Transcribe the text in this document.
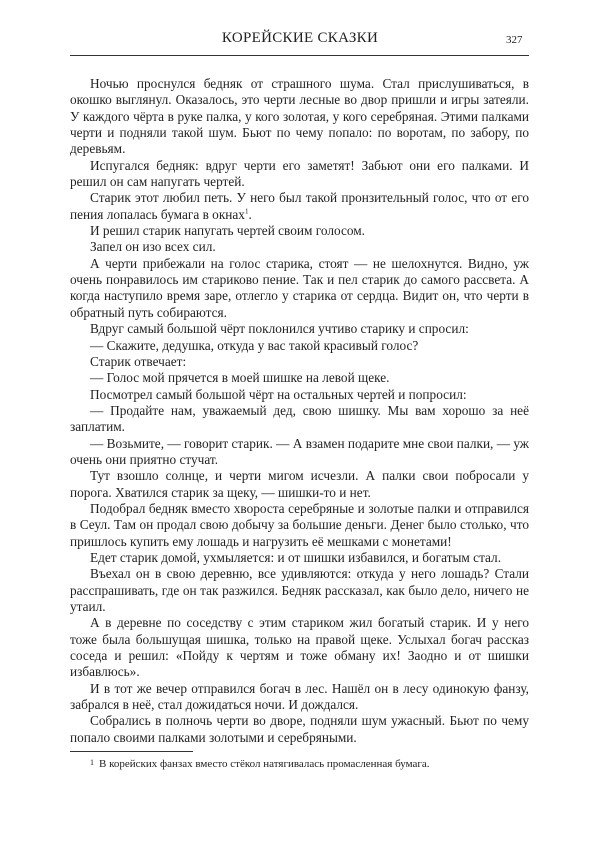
КОРЕЙСКИЕ СКАЗКИ	327

Ночью проснулся бедняк от страшного шума. Стал прислушиваться, в окошко выглянул. Оказалось, это черти лесные во двор пришли и игры затеяли. У каждого чёрта в руке палка, у кого золотая, у кого серебряная. Этими палками черти и подняли такой шум. Бьют по чему попало: по воротам, по забору, по деревьям.

Испугался бедняк: вдруг черти его заметят! Забьют они его палками. И решил он сам напугать чертей.

Старик этот любил петь. У него был такой пронзительный голос, что от его пения лопалась бумага в окнах$^1$.

И решил старик напугать чертей своим голосом.

Запел он изо всех сил.

А черти прибежали на голос старика, стоят — не шелохнутся. Видно, уж очень понравилось им стариково пение. Так и пел старик до самого рассвета. А когда наступило время заре, отлегло у старика от сердца. Видит он, что черти в обратный путь собираются.

Вдруг самый большой чёрт поклонился учтиво старику и спросил:

— Скажите, дедушка, откуда у вас такой красивый голос?

Старик отвечает:

— Голос мой прячется в моей шишке на левой щеке.

Посмотрел самый большой чёрт на остальных чертей и попросил:

— Продайте нам, уважаемый дед, свою шишку. Мы вам хорошо за неё заплатим.

— Возьмите, — говорит старик. — А взамен подарите мне свои палки, — уж очень они приятно стучат.

Тут взошло солнце, и черти мигом исчезли. А палки свои побросали у порога. Хватился старик за щеку, — шишки-то и нет.

Подобрал бедняк вместо хворостa серебряные и золотые палки и отправился в Сеул. Там он продал свою добычу за большие деньги. Денег было столько, что пришлось купить ему лошадь и нагрузить её мешками с монетами!

Едет старик домой, ухмыляется: и от шишки избавился, и богатым стал.

Въехал он в свою деревню, все удивляются: откуда у него лошадь? Стали расспрашивать, где он так разжился. Бедняк рассказал, как было дело, ничего не утаил.

А в деревне по соседству с этим стариком жил богатый старик. И у него тоже была большущая шишка, только на правой щеке. Услыхал богач рассказ соседа и решил: «Пойду к чертям и тоже обману их! Заодно и от шишки избавлюсь».

И в тот же вечер отправился богач в лес. Нашёл он в лесу одинокую фанзу, забрался в неё, стал дожидаться ночи. И дождался.

Собрались в полночь черти во дворе, подняли шум ужасный. Бьют по чему попало своими палками золотыми и серебряными.

1 В корейских фанзах вместо стёкол натягивалась промасленная бумага.
